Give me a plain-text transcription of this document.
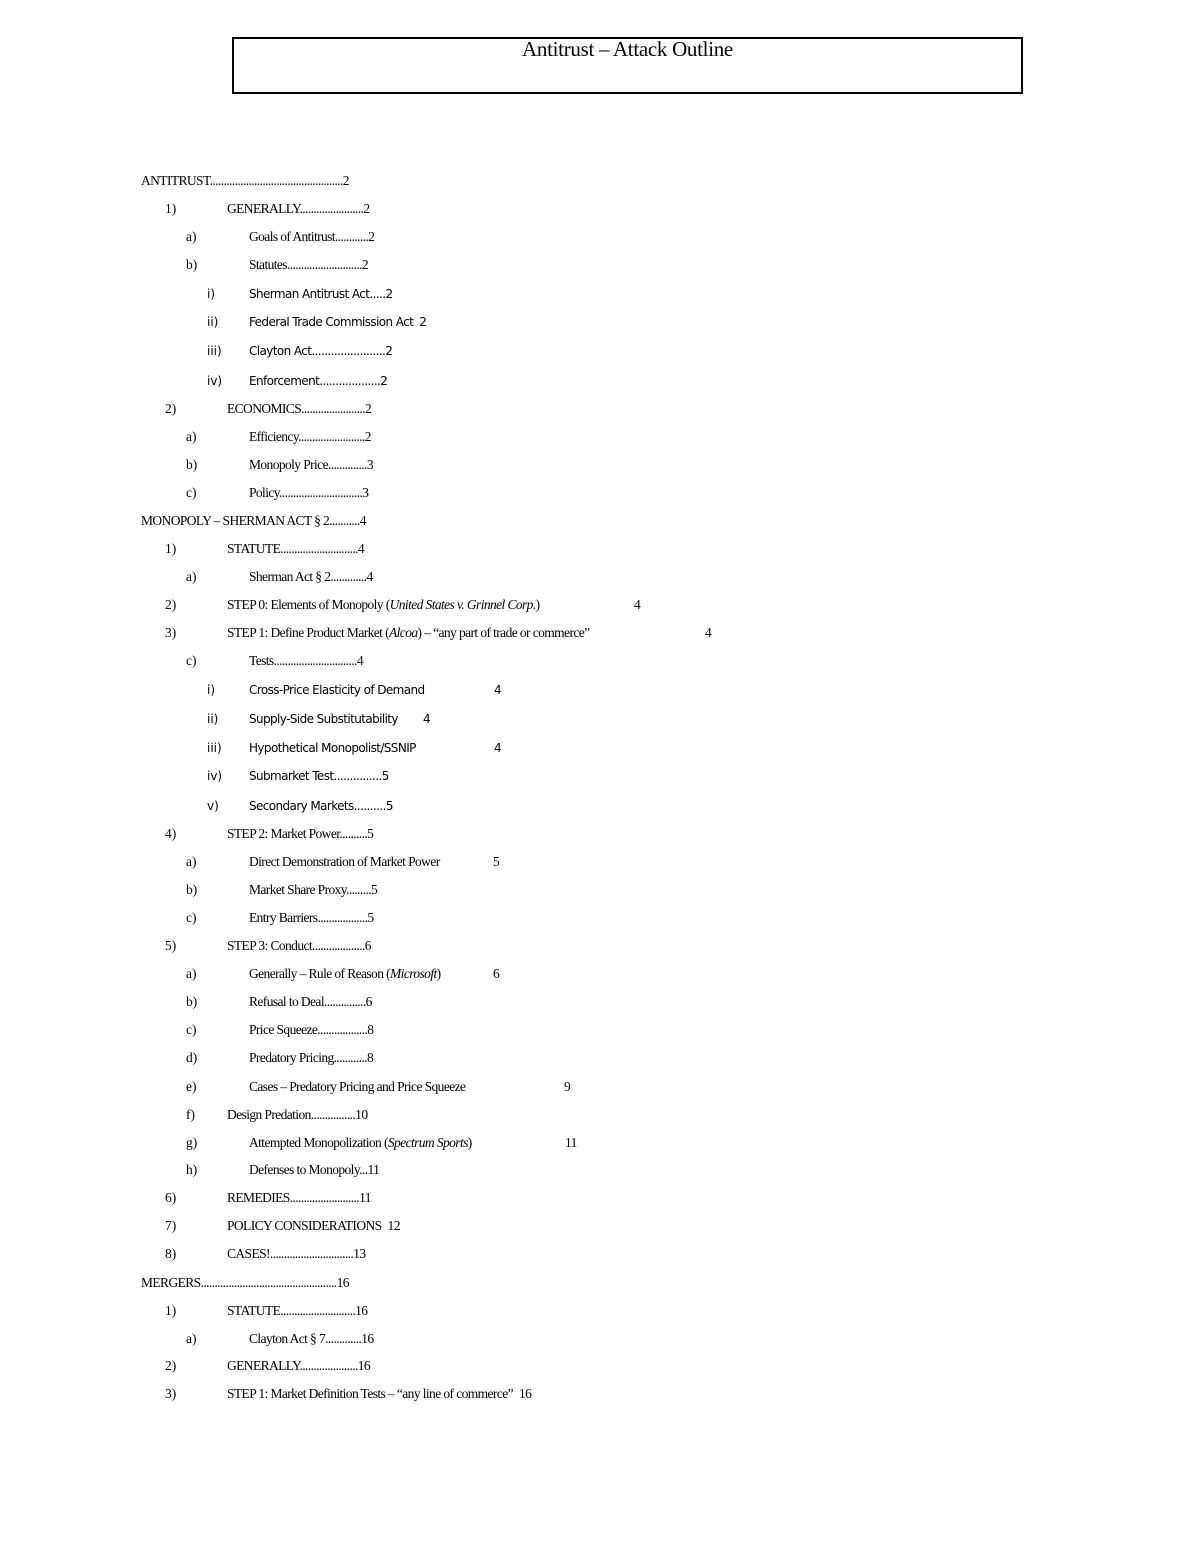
Antitrust – Attack Outline
ANTITRUST................................................2
1)	GENERALLY.......................2
a)	Goals of Antitrust............2
b)	Statutes...........................2
i)	Sherman Antitrust Act.....2
ii)	Federal Trade Commission Act 2
iii) Clayton Act.......................2
iv) Enforcement...................2
2)	ECONOMICS.......................2
a)	Efficiency........................2
b)	Monopoly Price..............3
c)	Policy..............................3
MONOPOLY – SHERMAN ACT § 2...........4
1)	STATUTE............................4
a)	Sherman Act § 2.............4
2)	STEP 0: Elements of Monopoly (United States v. Grinnel Corp.)	4
3)	STEP 1: Define Product Market (Alcoa) – “any part of trade or commerce”	4
c)	Tests..............................4
i)	Cross-Price Elasticity of Demand	4
ii)	Supply-Side Substitutability 4
iii) Hypothetical Monopolist/SSNIP	4
iv) Submarket Test...............5
v)	Secondary Markets..........5
4)	STEP 2: Market Power..........5
a)	Direct Demonstration of Market Power	5
b)	Market Share Proxy.........5
c)	Entry Barriers..................5
5)	STEP 3: Conduct...................6
a)	Generally – Rule of Reason (Microsoft)	6
b)	Refusal to Deal...............6
c)	Price Squeeze..................8
d)	Predatory Pricing............8
e)	Cases – Predatory Pricing and Price Squeeze	9
f) Design Predation................10
g)	Attempted Monopolization (Spectrum Sports)	11
h)	Defenses to Monopoly...11
6)	REMEDIES.........................11
7)	POLICY CONSIDERATIONS 12
8)	CASES!..............................13
MERGERS.................................................16
1)	STATUTE...........................16
a)	Clayton Act § 7.............16
2)	GENERALLY.....................16
3)	STEP 1: Market Definition Tests – “any line of commerce” 16
